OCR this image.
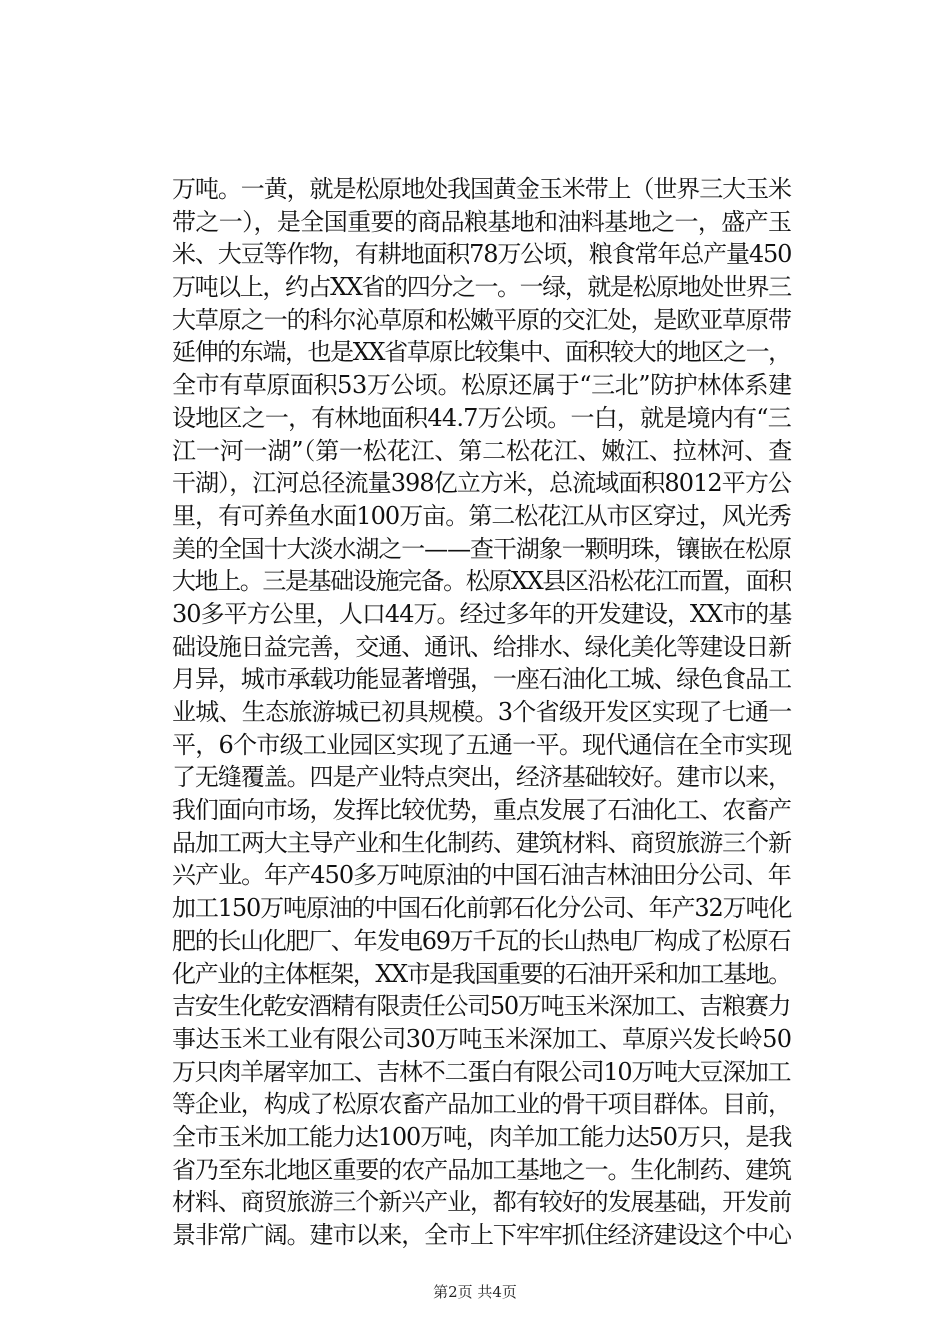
万吨。一黄，就是松原地处我国黄金玉米带上（世界三大玉米
带之一），是全国重要的商品粮基地和油料基地之一，盛产玉
米、大豆等作物，有耕地面积78万公顷，粮食常年总产量450
万吨以上，约占XX省的四分之一。一绿，就是松原地处世界三
大草原之一的科尔沁草原和松嫩平原的交汇处，是欧亚草原带
延伸的东端，也是XX省草原比较集中、面积较大的地区之一，
全市有草原面积53万公顷。松原还属于“三北”防护林体系建
设地区之一，有林地面积44.7万公顷。一白，就是境内有“三
江一河一湖”（第一松花江、第二松花江、嫩江、拉林河、查
干湖），江河总径流量398亿立方米，总流域面积8012平方公
里，有可养鱼水面100万亩。第二松花江从市区穿过，风光秀
美的全国十大淡水湖之一——查干湖象一颗明珠，镶嵌在松原
大地上。三是基础设施完备。松原XX县区沿松花江而置，面积
30多平方公里，人口44万。经过多年的开发建设，XX市的基
础设施日益完善，交通、通讯、给排水、绿化美化等建设日新
月异，城市承载功能显著增强，一座石油化工城、绿色食品工
业城、生态旅游城已初具规模。3个省级开发区实现了七通一
平，6个市级工业园区实现了五通一平。现代通信在全市实现
了无缝覆盖。四是产业特点突出，经济基础较好。建市以来，
我们面向市场，发挥比较优势，重点发展了石油化工、农畜产
品加工两大主导产业和生化制药、建筑材料、商贸旅游三个新
兴产业。年产450多万吨原油的中国石油吉林油田分公司、年
加工150万吨原油的中国石化前郭石化分公司、年产32万吨化
肥的长山化肥厂、年发电69万千瓦的长山热电厂构成了松原石
化产业的主体框架，XX市是我国重要的石油开采和加工基地。
吉安生化乾安酒精有限责任公司50万吨玉米深加工、吉粮赛力
事达玉米工业有限公司30万吨玉米深加工、草原兴发长岭50
万只肉羊屠宰加工、吉林不二蛋白有限公司10万吨大豆深加工
等企业，构成了松原农畜产品加工业的骨干项目群体。目前，
全市玉米加工能力达100万吨，肉羊加工能力达50万只，是我
省乃至东北地区重要的农产品加工基地之一。生化制药、建筑
材料、商贸旅游三个新兴产业，都有较好的发展基础，开发前
景非常广阔。建市以来，全市上下牢牢抓住经济建设这个中心
第2页 共4页
